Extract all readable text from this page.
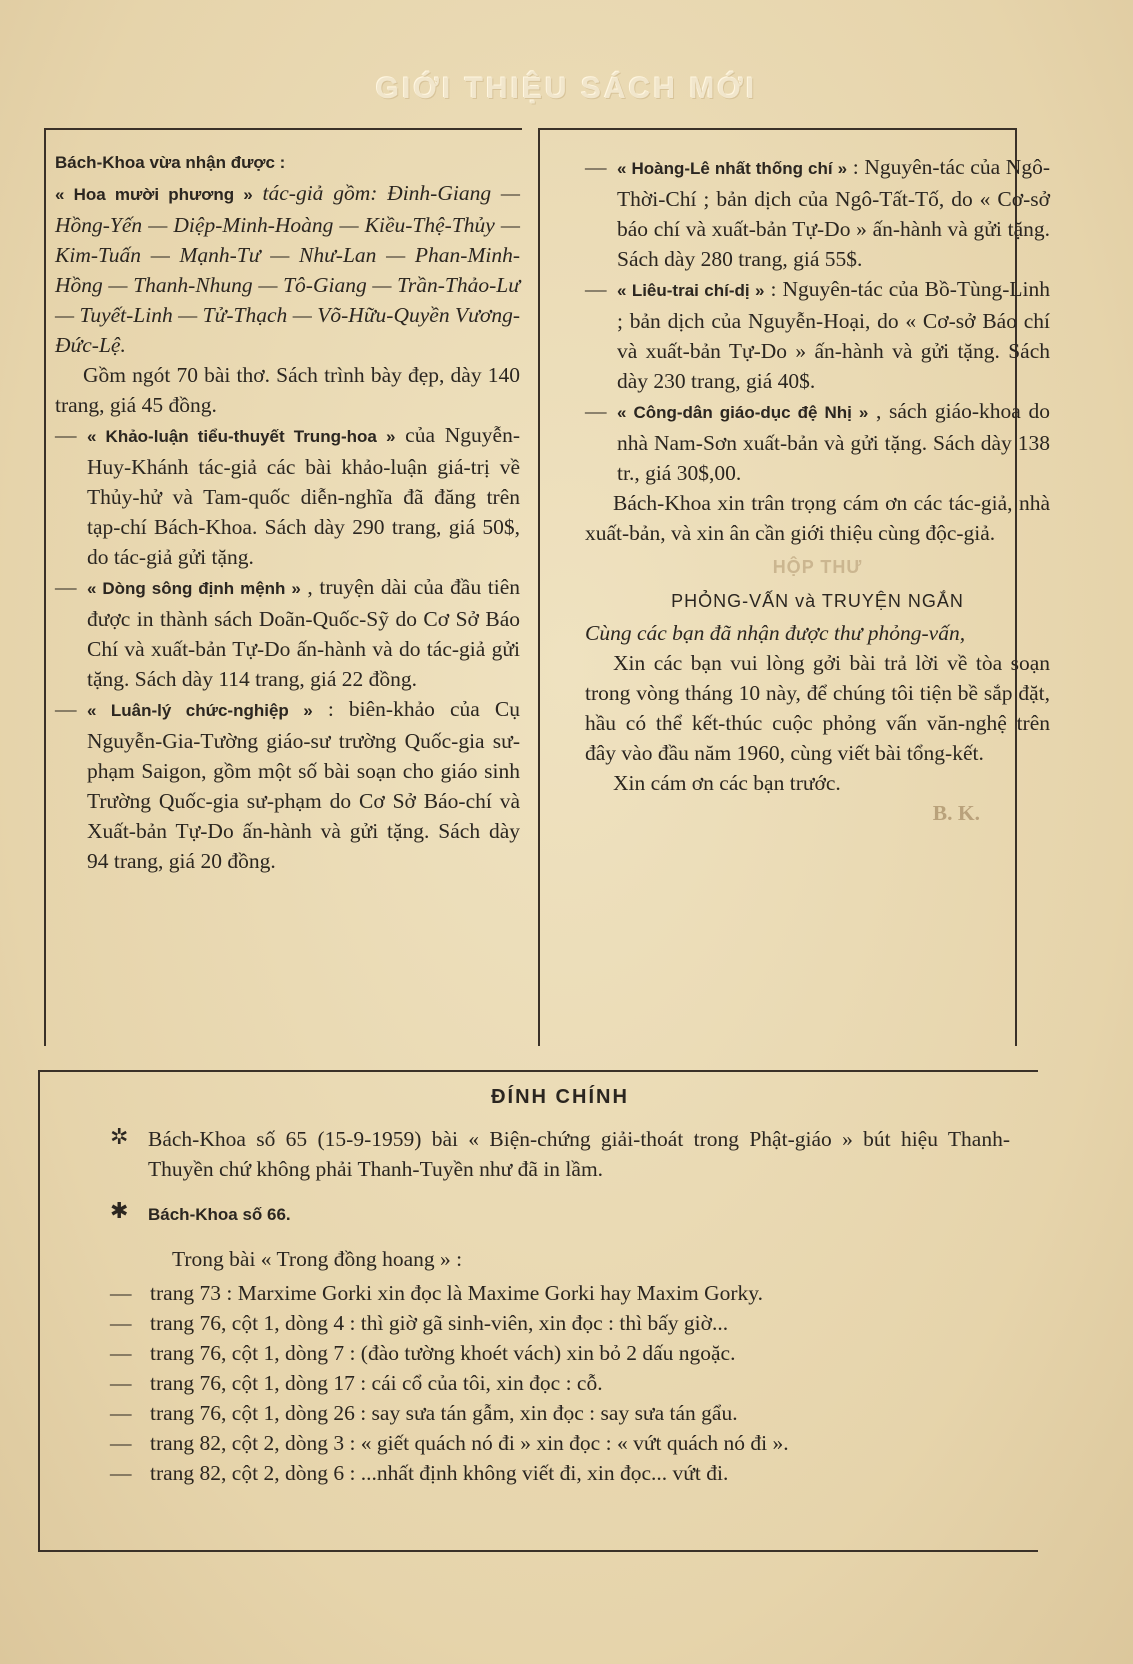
GIỚI THIỆU SÁCH MỚI
Bách-Khoa vừa nhận được :
« Hoa mười phương » tác-giả gồm: Đinh-Giang — Hồng-Yến — Diệp-Minh-Hoàng — Kiều-Thệ-Thủy — Kim-Tuấn — Mạnh-Tư — Như-Lan — Phan-Minh-Hồng — Thanh-Nhung — Tô-Giang — Trần-Thảo-Lư — Tuyết-Linh — Tử-Thạch — Võ-Hữu-Quyền Vương-Đức-Lệ.
Gồm ngót 70 bài thơ. Sách trình bày đẹp, dày 140 trang, giá 45 đồng.
— « Khảo-luận tiểu-thuyết Trung-hoa » của Nguyễn-Huy-Khánh tác-giả các bài khảo-luận giá-trị về Thủy-hử và Tam-quốc diễn-nghĩa đã đăng trên tạp-chí Bách-Khoa. Sách dày 290 trang, giá 50$, do tác-giả gửi tặng.
— « Dòng sông định mệnh » , truyện dài của đầu tiên được in thành sách Doãn-Quốc-Sỹ do Cơ Sở Báo Chí và xuất-bản Tự-Do ấn-hành và do tác-giả gửi tặng. Sách dày 114 trang, giá 22 đồng.
— « Luân-lý chức-nghiệp » : biên-khảo của Cụ Nguyễn-Gia-Tường giáo-sư trường Quốc-gia sư-phạm Saigon, gồm một số bài soạn cho giáo sinh Trường Quốc-gia sư-phạm do Cơ Sở Báo-chí và Xuất-bản Tự-Do ấn-hành và gửi tặng. Sách dày 94 trang, giá 20 đồng.
— « Hoàng-Lê nhất thống chí » : Nguyên-tác của Ngô-Thời-Chí ; bản dịch của Ngô-Tất-Tố, do « Cơ-sở báo chí và xuất-bản Tự-Do » ấn-hành và gửi tặng. Sách dày 280 trang, giá 55$.
— « Liêu-trai chí-dị » : Nguyên-tác của Bồ-Tùng-Linh ; bản dịch của Nguyễn-Hoại, do « Cơ-sở Báo chí và xuất-bản Tự-Do » ấn-hành và gửi tặng. Sách dày 230 trang, giá 40$.
— « Công-dân giáo-dục đệ Nhị » , sách giáo-khoa do nhà Nam-Sơn xuất-bản và gửi tặng. Sách dày 138 tr., giá 30$,00.
Bách-Khoa xin trân trọng cám ơn các tác-giả, nhà xuất-bản, và xin ân cần giới thiệu cùng độc-giả.
HỘP THƯ
PHỎNG-VẤN và TRUYỆN NGẮN
Cùng các bạn đã nhận được thư phỏng-vấn,
Xin các bạn vui lòng gởi bài trả lời về tòa soạn trong vòng tháng 10 này, để chúng tôi tiện bề sắp đặt, hầu có thể kết-thúc cuộc phỏng vấn văn-nghệ trên đây vào đầu năm 1960, cùng viết bài tổng-kết.
Xin cám ơn các bạn trước.
B. K.
ĐÍNH CHÍNH
✲ Bách-Khoa số 65 (15-9-1959) bài « Biện-chứng giải-thoát trong Phật-giáo » bút hiệu Thanh-Thuyền chứ không phải Thanh-Tuyền như đã in lầm.
✱ Bách-Khoa số 66.
Trong bài « Trong đồng hoang » :
— trang 73 : Marxime Gorki xin đọc là Maxime Gorki hay Maxim Gorky.
— trang 76, cột 1, dòng 4 : thì giờ gã sinh-viên, xin đọc : thì bấy giờ...
— trang 76, cột 1, dòng 7 : (đào tường khoét vách) xin bỏ 2 dấu ngoặc.
— trang 76, cột 1, dòng 17 : cái cổ của tôi, xin đọc : cỗ.
— trang 76, cột 1, dòng 26 : say sưa tán gẫm, xin đọc : say sưa tán gẩu.
— trang 82, cột 2, dòng 3 : « giết quách nó đi » xin đọc : « vứt quách nó đi ».
— trang 82, cột 2, dòng 6 : ...nhất định không viết đi, xin đọc... vứt đi.
